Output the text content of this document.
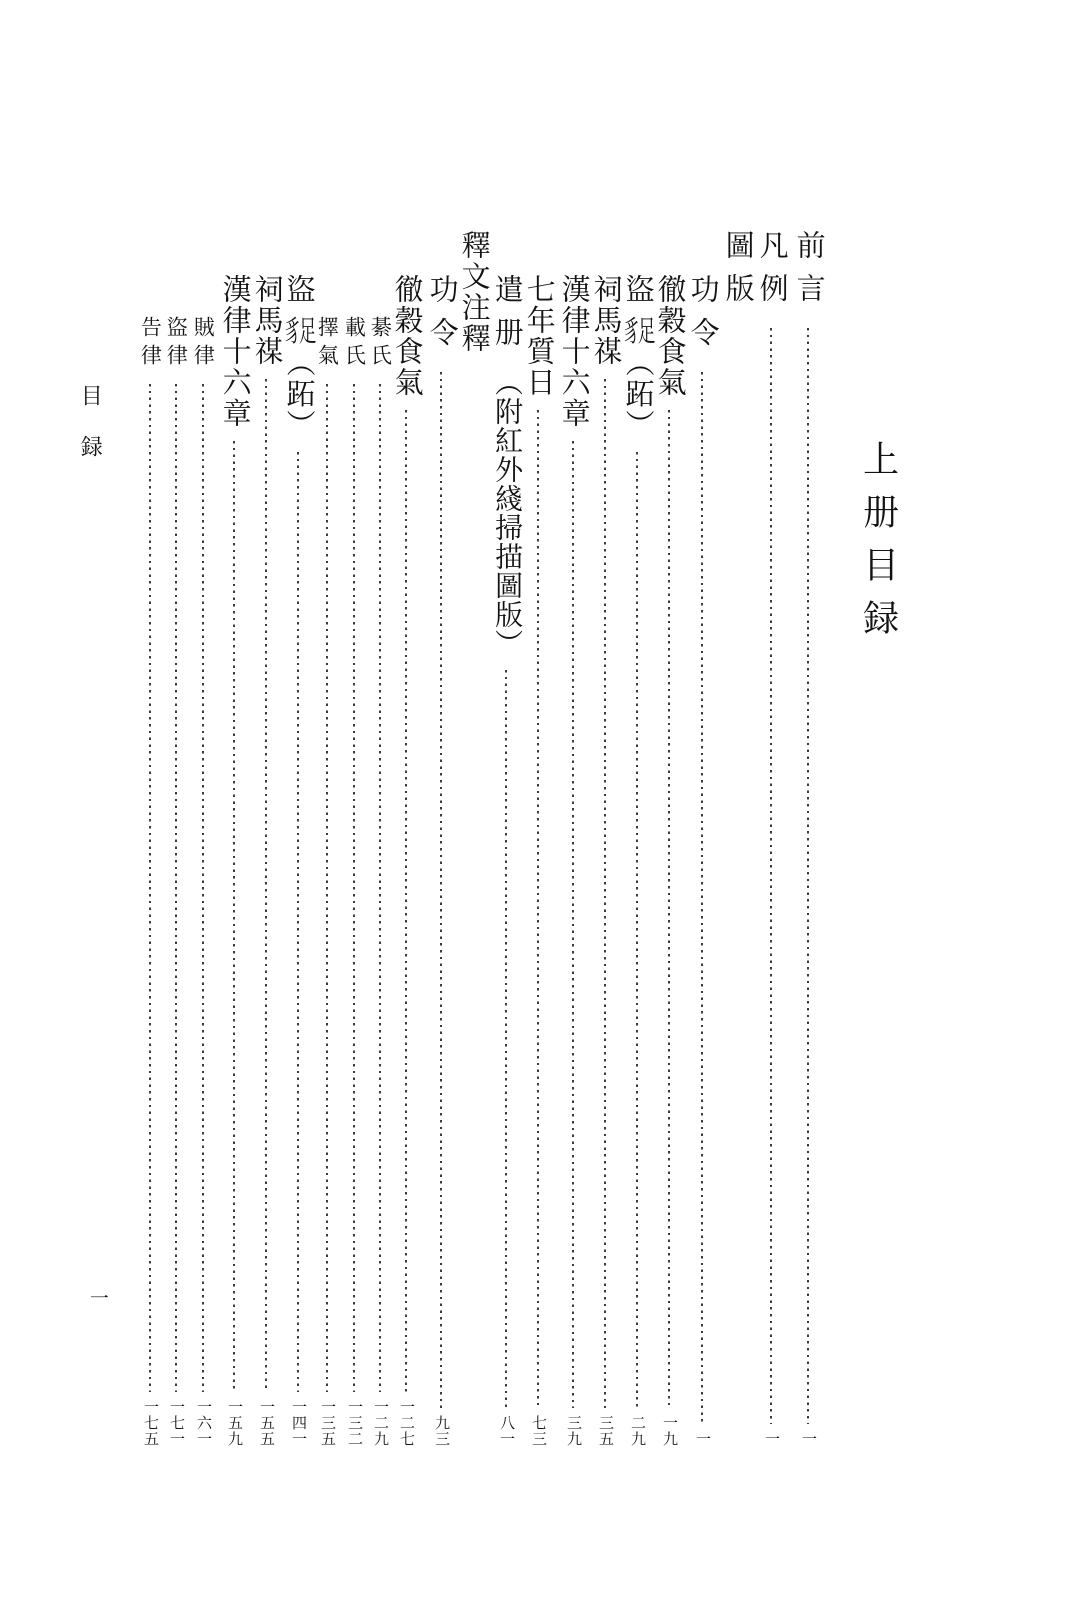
上册目録
目録
一
前言
一
凡例
一
圖版
功令
一
徹穀食氣
一九
盜豸足（跖）
二九
祠馬禖
三五
漢律十六章
三九
七年質日
七三
遣册
（附紅外綫掃描圖版）
八一
釋文注釋
功令
九三
徹穀食氣
一二七
綦氏
一二九
載氏
一三二
擇氣
一三五
盜豸足（跖）
一四一
祠馬禖
一五五
漢律十六章
一五九
賊律
一六一
盜律
一七一
告律
一七五
